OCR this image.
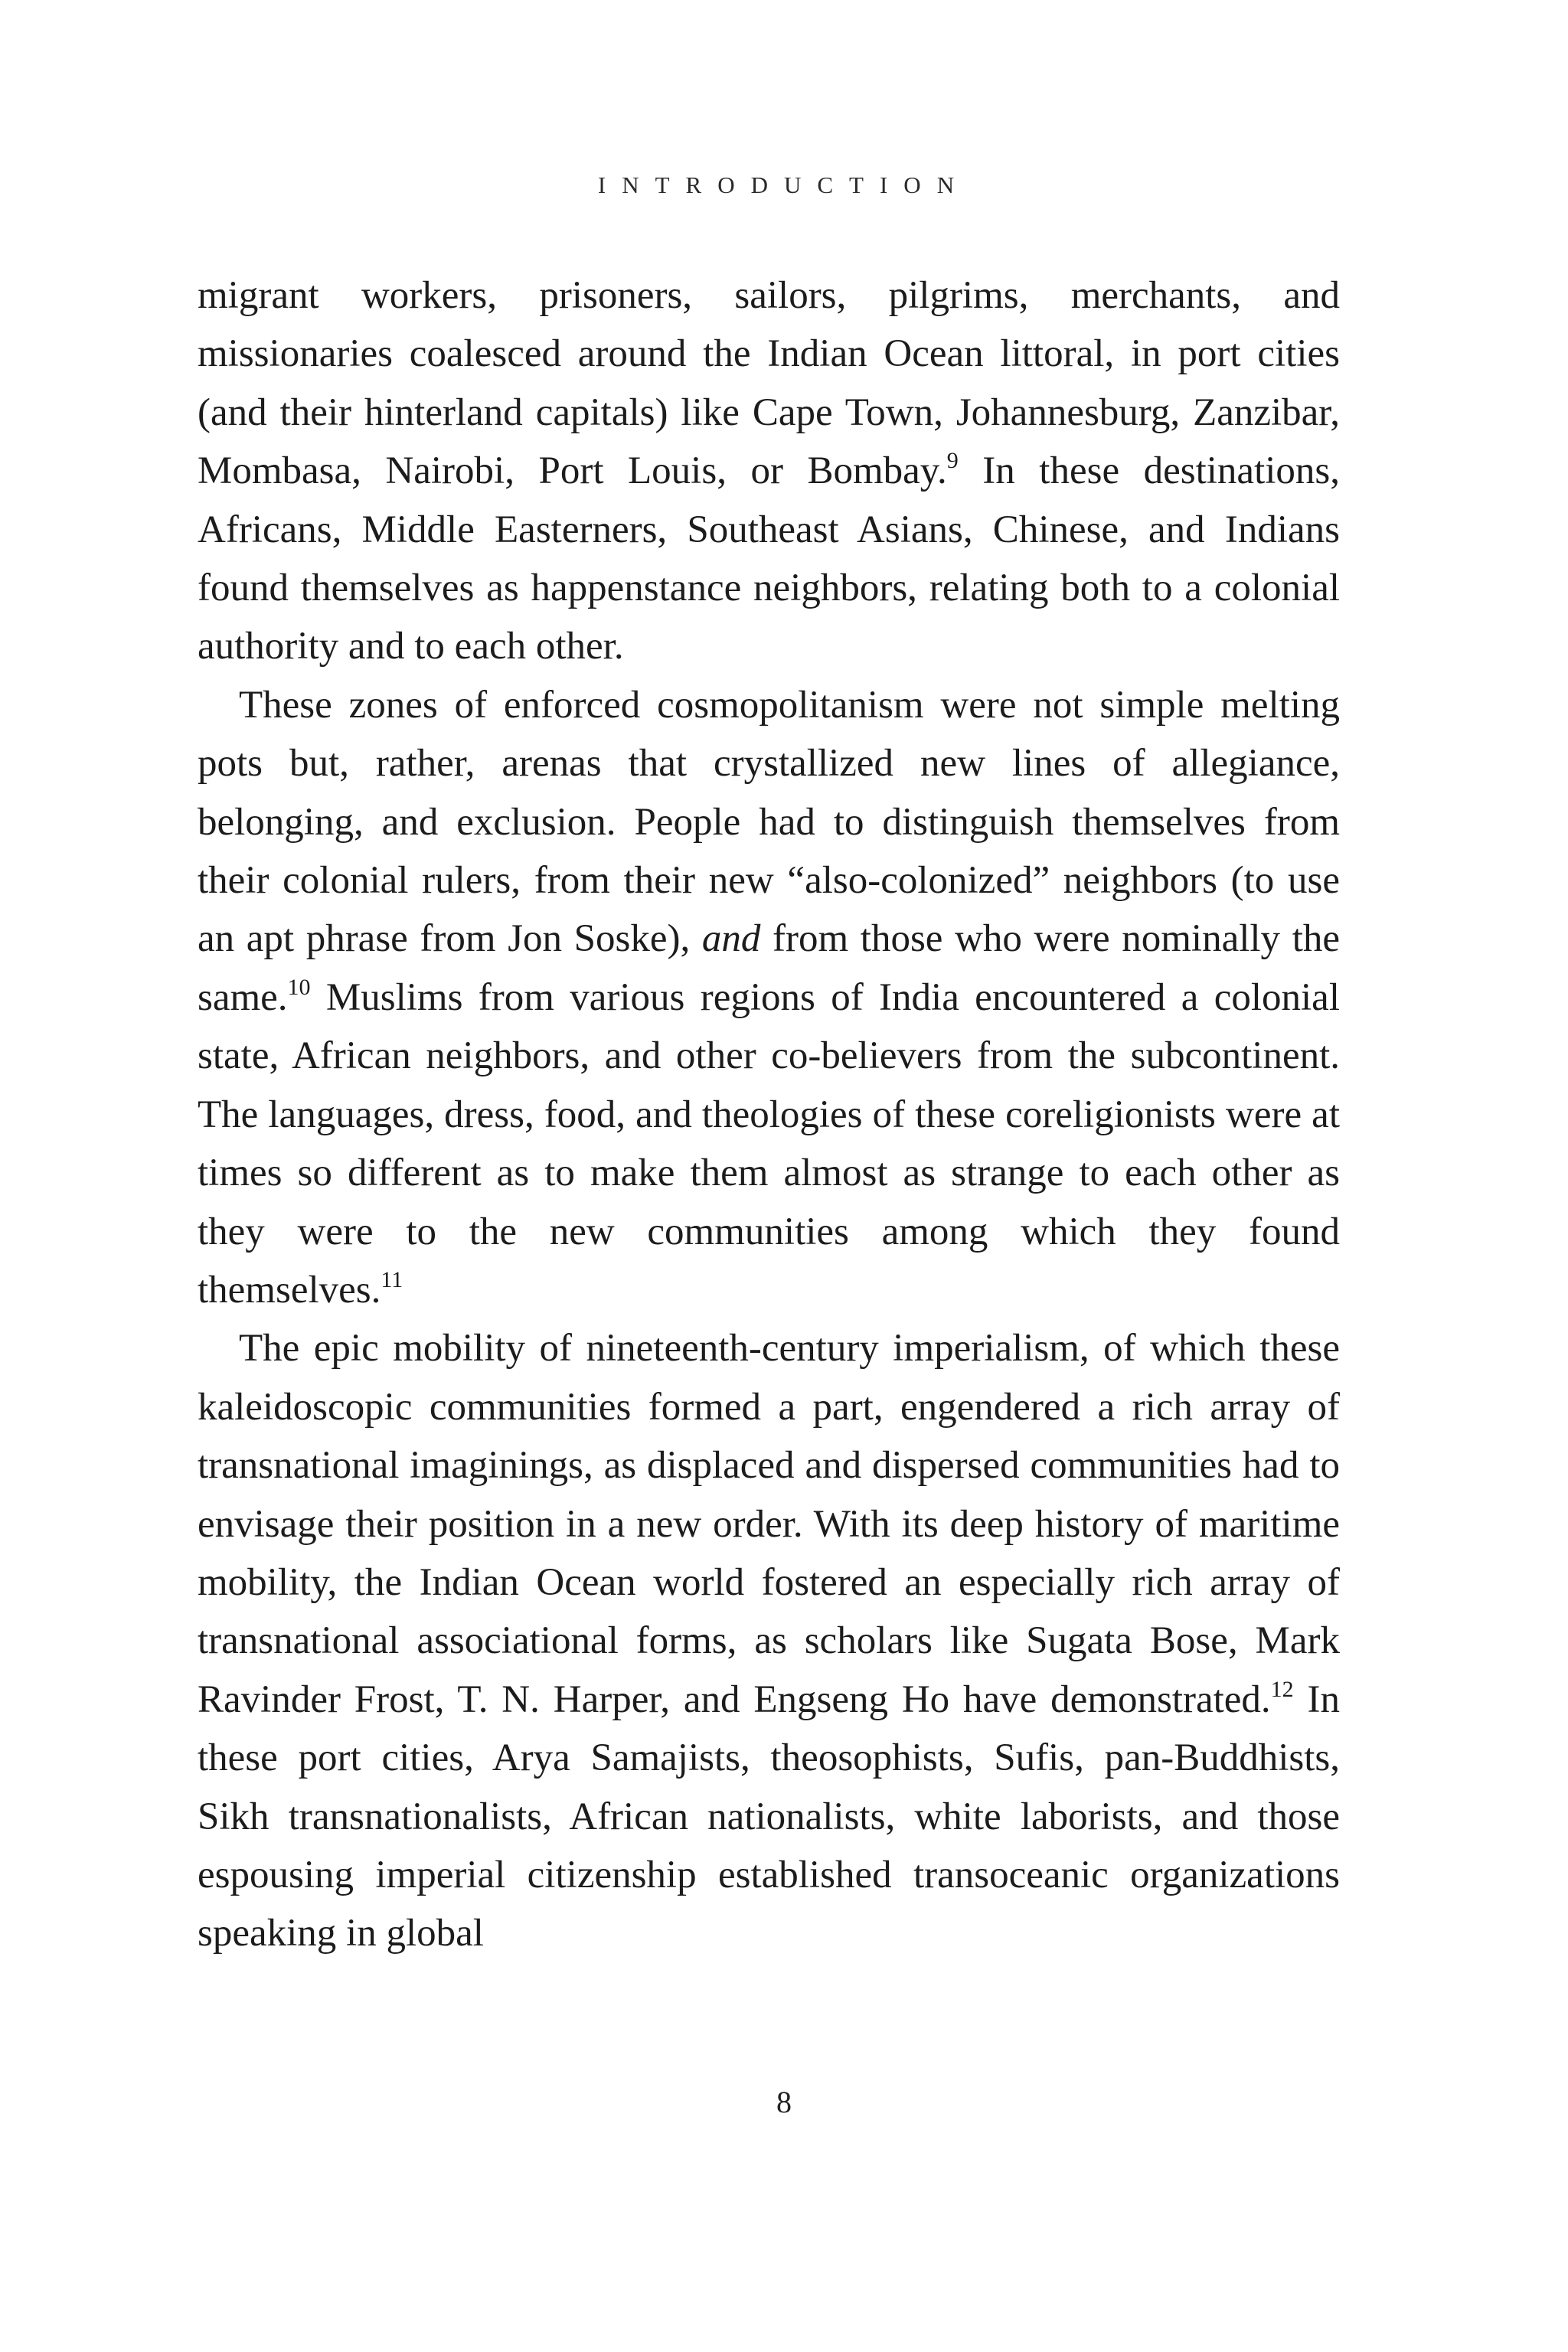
INTRODUCTION

migrant workers, prisoners, sailors, pilgrims, merchants, and missionaries coalesced around the Indian Ocean littoral, in port cities (and their hinterland capitals) like Cape Town, Johannesburg, Zanzibar, Mombasa, Nairobi, Port Louis, or Bombay.$^9$ In these destinations, Africans, Middle Easterners, Southeast Asians, Chinese, and Indians found themselves as happenstance neighbors, relating both to a colonial authority and to each other.

These zones of enforced cosmopolitanism were not simple melting pots but, rather, arenas that crystallized new lines of allegiance, belonging, and exclusion. People had to distinguish themselves from their colonial rulers, from their new “also-colonized” neighbors (to use an apt phrase from Jon Soske), and from those who were nominally the same.$^{10}$ Muslims from various regions of India encountered a colonial state, African neighbors, and other co-believers from the subcontinent. The languages, dress, food, and theologies of these coreligionists were at times so different as to make them almost as strange to each other as they were to the new communities among which they found themselves.$^{11}$

The epic mobility of nineteenth-century imperialism, of which these kaleidoscopic communities formed a part, engendered a rich array of transnational imaginings, as displaced and dispersed communities had to envisage their position in a new order. With its deep history of maritime mobility, the Indian Ocean world fostered an especially rich array of transnational associational forms, as scholars like Sugata Bose, Mark Ravinder Frost, T. N. Harper, and Engseng Ho have demonstrated.$^{12}$ In these port cities, Arya Samajists, theosophists, Sufis, pan-Buddhists, Sikh transnationalists, African nationalists, white laborists, and those espousing imperial citizenship established transoceanic organizations speaking in global

8
